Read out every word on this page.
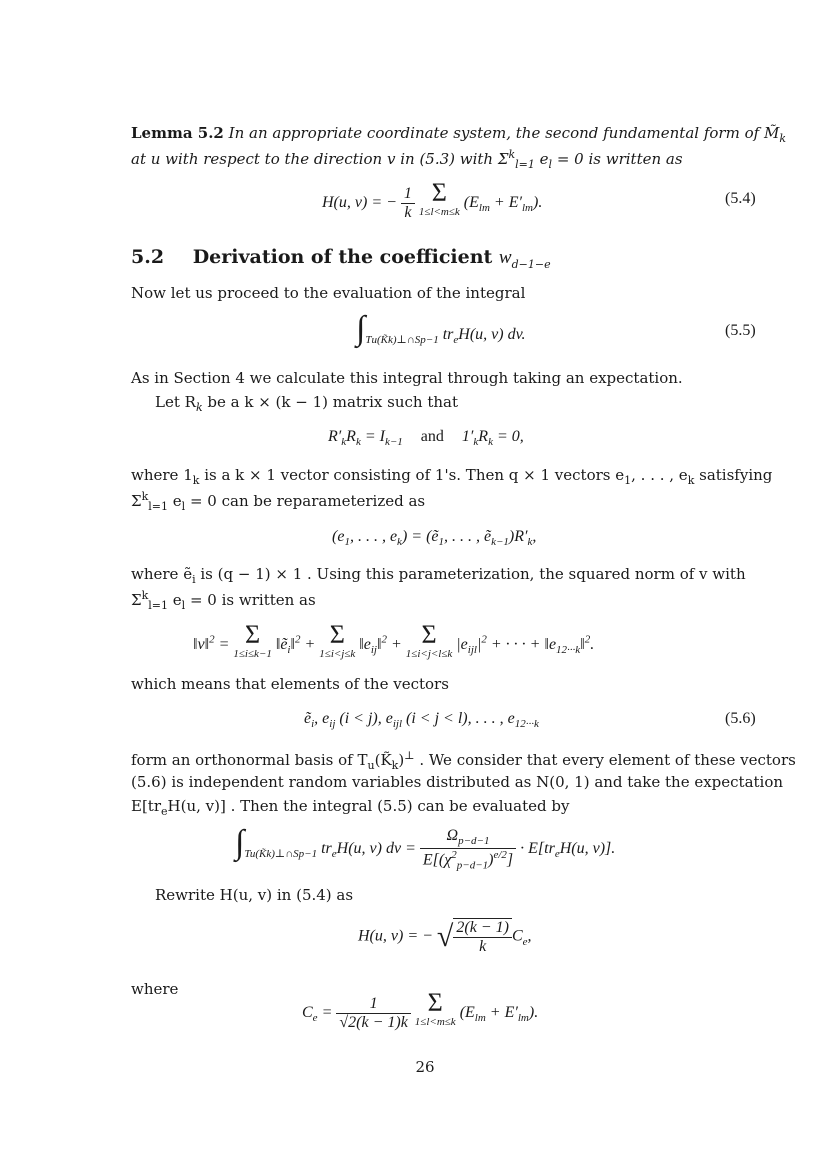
Lemma 5.2 In an appropriate coordinate system, the second fundamental form of $M̃_k$
at u with respect to the direction v in (5.3) with $\Sigma^k_{l=1}$ $e_l = 0$ is written as
H(u, v) = − $\frac{1}{k}$ Σ
1≤l<m≤k
$(E_{lm} + E'_{lm})$.	(5.4)
5.2 Derivation of the coefficient $w_{d-1-e}$
Now let us proceed to the evaluation of the integral
$\int_{Tu(K̃k)\perp\cap Sp-1}$ $tr_eH(u$, v) dv.	(5.5)
As in Section 4 we calculate this integral through taking an expectation.
Let $R_k$ be a k × (k − 1) matrix such that
$R'_kR_k = I_{k-1}$ and $1'_kR_k = 0$,
where $1_k$ is a k × 1 vector consisting of 1's. Then q × 1 vectors $e_1$, . . . , $e_k$ satisfying
$\Sigma^k_{l=1}$ $e_l = 0$ can be reparameterized as
($e_1$, . . . , $e_k$) = (ẽ$_1$, . . . , $ẽ_{k-1})R'_k$,
where ẽ$_i$ is (q − 1) × 1 . Using this parameterization, the squared norm of v with
$\Sigma^k_{l=1}$ $e_l = 0$ is written as
‖v‖$^2$ = Σ
1≤i≤k−1
‖ẽ$_i$‖$^2$ + Σ
1≤i<j≤k
$‖e_{ij}‖^2 + \Sigma$
1≤i<j<l≤k
$|e_{ijl}|^2$ + · · · + $‖e_{12\cdot\cdot\cdot k}‖^2$.
which means that elements of the vectors
ẽ$_i$, $e_{ij}$ (i < j), $e_{ijl}$ (i < j < l), . . . , $e_{12\cdot\cdot\cdot k}$	(5.6)
form an orthonormal basis of $T_u(K̃_k)^\perp$ . We consider that every element of these vectors
(5.6) is independent random variables distributed as N(0, 1) and take the expectation
$E[tr_eH(u$, v)] . Then the integral (5.5) can be evaluated by
$\int_{Tu(K̃k)\perp\cap Sp-1}$ $tr_eH(u$, v) dv = $\frac{\Omega_{p-d-1}}{E[(\chi^2_{p-d-1})^{e/2}]} \cdot E[tr_eH(u$, v)].
Rewrite H(u, v) in (5.4) as
H(u, v) = − √ $\frac{2(k - 1)}{k} C_e$,
where
$C_e = \frac{1}{√2(k - 1)k}$ Σ
1≤l<m≤k
$(E_{lm} + E'_{lm})$.
26
